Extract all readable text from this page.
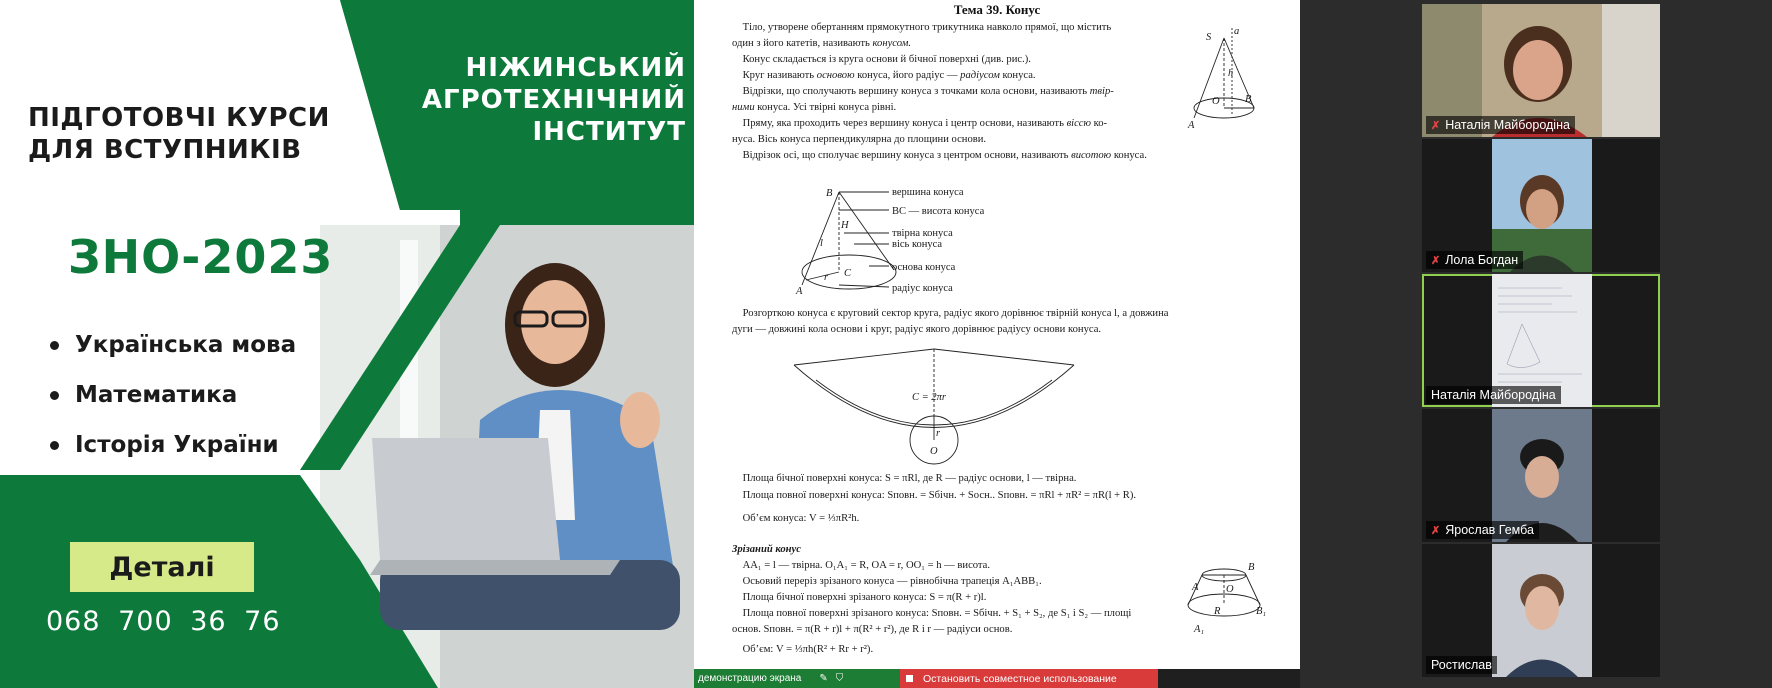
ПІДГОТОВЧІ КУРСИ
ДЛЯ ВСТУПНИКІВ
НІЖИНСЬКИЙ
АГРОТЕХНІЧНИЙ
ІНСТИТУТ
ЗНО-2023
Українська мова
Математика
Історія України
Деталі
068 700 36 76
Тема 39. Конус
Тіло, утворене обертанням прямокутного трикутника навколо прямої, що містить
один з його катетів, називають конусом.
Конус складається із круга основи й бічної поверхні (див. рис.).
Круг називають основою конуса, його радіус — радіусом конуса.
Відрізки, що сполучають вершину конуса з точками кола основи, називають твір-
ними конуса. Усі твірні конуса рівні.
Пряму, яка проходить через вершину конуса і центр основи, називають віссю ко-
нуса. Вісь конуса перпендикулярна до площини основи.
Відрізок осі, що сполучає вершину конуса з центром основи, називають висотою конуса.
S
a
h
O B
A
B
H
l
C
r
A
вершина конуса
BC — висота конуса
твірна конуса
вісь конуса
основа конуса
радіус конуса
C = 2πr
r
O
B
A	O
R	B₁
A₁
Розгорткою конуса є круговий сектор круга, радіус якого дорівнює твірній конуса l, а довжина
дуги — довжині кола основи і круг, радіус якого дорівнює радіусу основи конуса.
Площа бічної поверхні конуса: S = πRl, де R — радіус основи, l — твірна.
Площа повної поверхні конуса: Sповн. = Sбічн. + Sосн.. Sповн. = πRl + πR² = πR(l + R).

Об’єм конуса: V = ⅓πR²h.
Зрізаний конус
AA₁ = l — твірна. O₁A₁ = R, OA = r, OO₁ = h — висота.
Осьовий переріз зрізаного конуса — рівнобічна трапеція A₁ABB₁.
Площа бічної поверхні зрізаного конуса: S = π(R + r)l.
Площа повної поверхні зрізаного конуса: Sповн. = Sбічн. + S₁ + S₂, де S₁ і S₂ — площі
основ. Sповн. = π(R + r)l + π(R² + r²), де R і r — радіуси основ.

Об’єм: V = ⅓πh(R² + Rr + r²).
демонстрацию экрана ✎ ⛉	Остановить совместное использование
✗ Наталія Майбородіна
✗ Лола Богдан
Наталія Майбородіна
✗ Ярослав Гемба
Ростислав
